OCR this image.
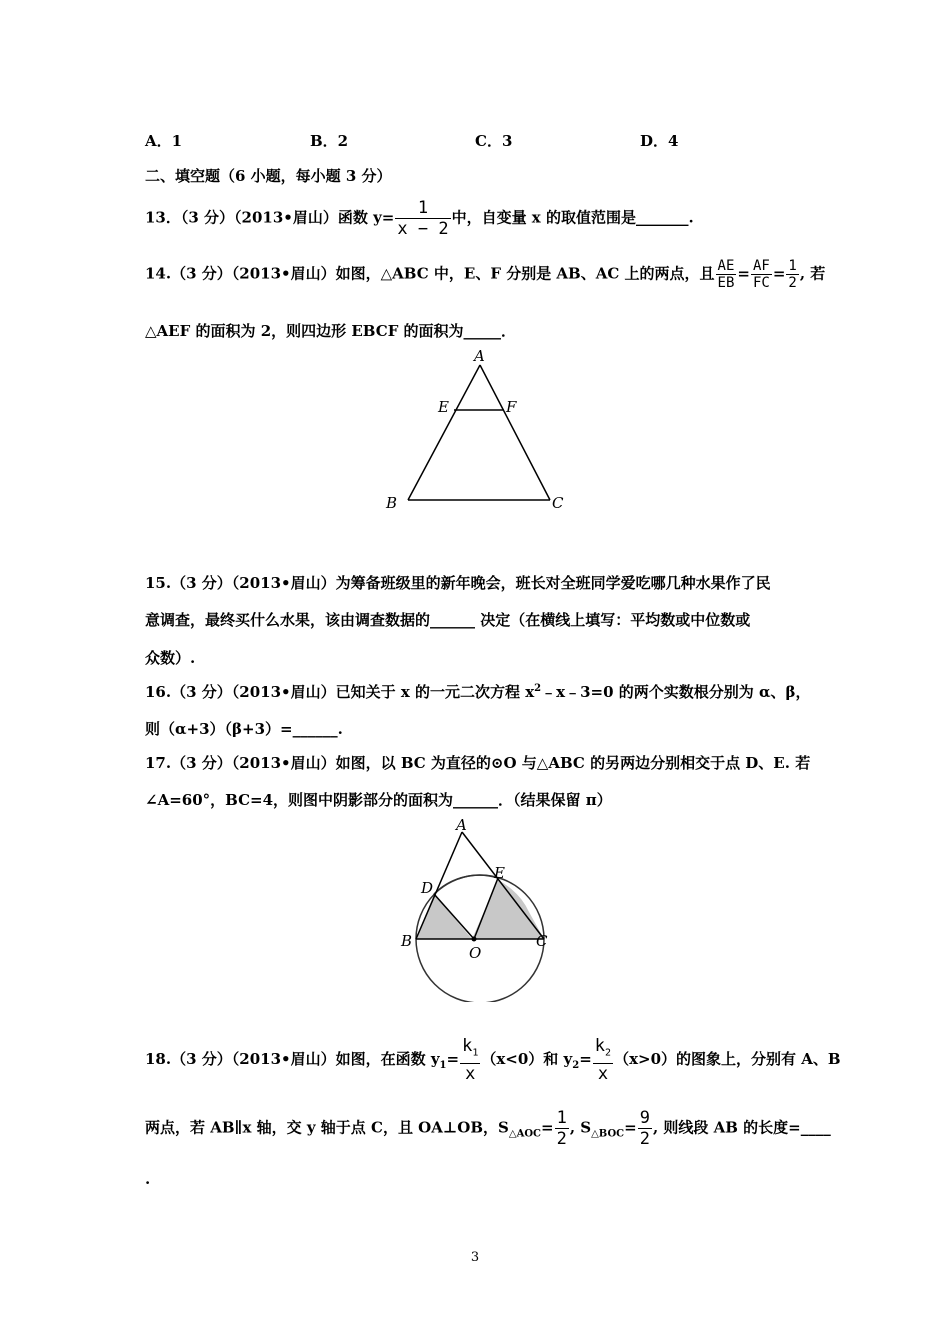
A．1	B．2	C．3	D．4
二、填空题（6 小题，每小题 3 分）
13．（3 分）（2013•眉山）函数 $y= \frac{1}{x - 2}$ 中，自变量 x 的取值范围是_______.
14.（3 分）（2013•眉山）如图，△ABC 中，E、F 分别是 AB、AC 上的两点，且 $\frac{AE}{EB} = \frac{AF}{FC} = \frac{1}{2}$ , 若
△AEF 的面积为 2，则四边形 EBCF 的面积为_____．
A
E	F
B	C
15.（3 分）（2013•眉山）为筹备班级里的新年晚会，班长对全班同学爱吃哪几种水果作了民
意调查，最终买什么水果，该由调查数据的______ 决定（在横线上填写：平均数或中位数或
众数）.
16.（3 分）（2013•眉山）已知关于 x 的一元二次方程 $x^2﹣x﹣3=0$ 的两个实数根分别为 α、β，
则（α+3）（β+3）=______.
17.（3 分）（2013•眉山）如图，以 BC 为直径的⊙O 与△ABC 的另两边分别相交于点 D、E. 若
∠A=60°，BC=4，则图中阴影部分的面积为______．（结果保留 π）
A
D
E
B	C
O
18.（3 分）（2013•眉山）如图，在函数 $y_1= \frac{k_1}{x} (x<0)$和 $y_2= \frac{k_2}{x} (x>0)$的图象上，分别有 A、B
两点，若 AB∥x 轴，交 y 轴于点 C，且 OA⊥OB，$S_{\triangle AOC}= \frac{1}{2}$ , $S_{\triangle BOC}= \frac{9}{2}$ , 则线段 AB 的长度=____
.
3
